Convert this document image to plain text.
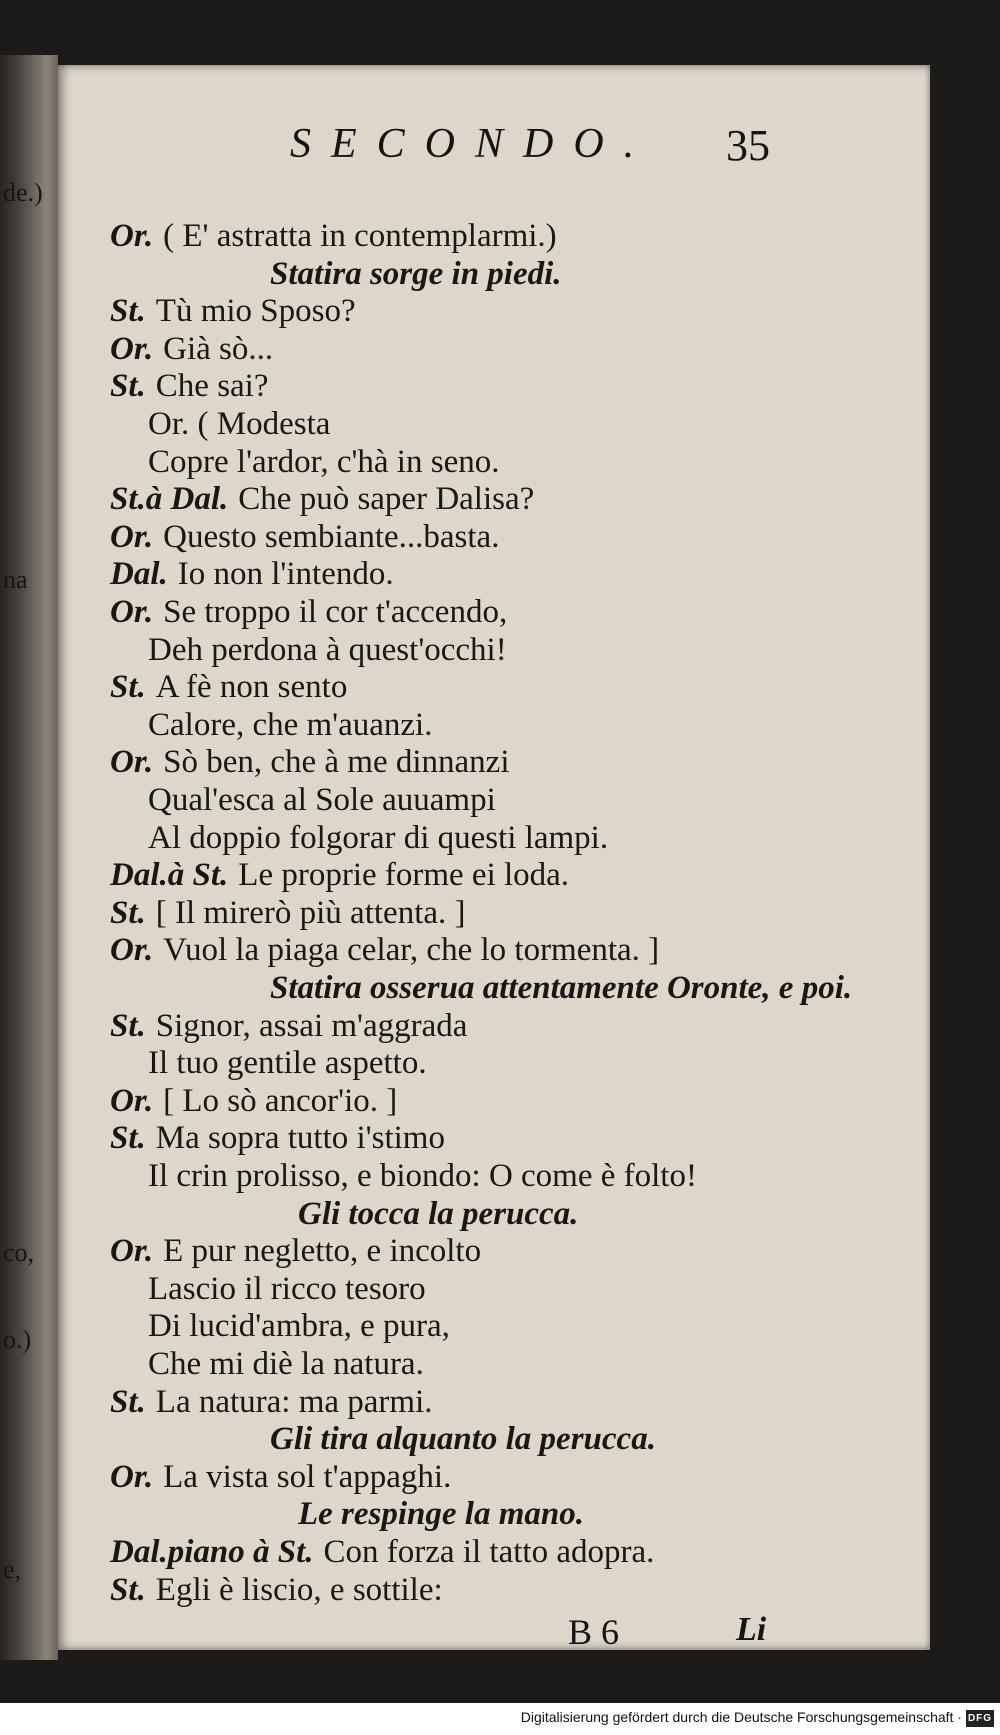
de.)
na
co,
o.)
e,
SECONDO. 35
Or. ( E' astratta in contemplarmi.)
Statira sorge in piedi.
St. Tù mio Sposo?
Or. Già sò...
St. Che sai?
Or. ( Modesta
Copre l'ardor, c'hà in seno.
St.à Dal. Che può saper Dalisa?
Or. Questo sembiante...basta.
Dal. Io non l'intendo.
Or. Se troppo il cor t'accendo,
Deh perdona à quest'occhi!
St. A fè non sento
Calore, che m'auanzi.
Or. Sò ben, che à me dinnanzi
Qual'esca al Sole auuampi
Al doppio folgorar di questi lampi.
Dal.à St. Le proprie forme ei loda.
St. [ Il mirerò più attenta. ]
Or. Vuol la piaga celar, che lo tormenta. ]
Statira osserua attentamente Oronte, e poi.
St. Signor, assai m'aggrada
Il tuo gentile aspetto.
Or. [ Lo sò ancor'io. ]
St. Ma sopra tutto i'stimo
Il crin prolisso, e biondo: O come è folto!
Gli tocca la perucca.
Or. E pur negletto, e incolto
Lascio il ricco tesoro
Di lucid'ambra, e pura,
Che mi diè la natura.
St. La natura: ma parmi.
Gli tira alquanto la perucca.
Or. La vista sol t'appaghi.
Le respinge la mano.
Dal.piano à St. Con forza il tatto adopra.
St. Egli è liscio, e sottile:
B 6	Li
Digitalisierung gefördert durch die Deutsche Forschungsgemeinschaft · DFG
